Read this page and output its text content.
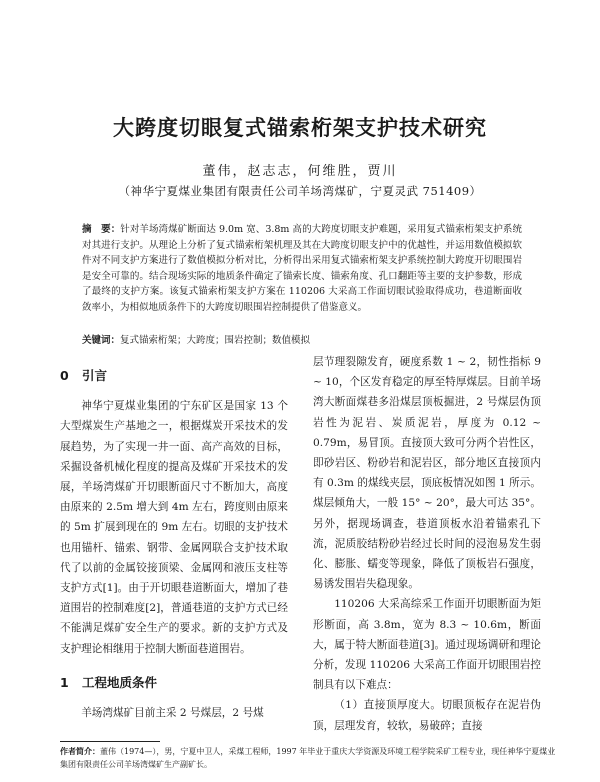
大跨度切眼复式锚索桁架支护技术研究
董伟，赵志志，何维胜，贾川
（神华宁夏煤业集团有限责任公司羊场湾煤矿，宁夏灵武 751409）
摘　要：针对羊场湾煤矿断面达 9.0m 宽、3.8m 高的大跨度切眼支护难题，采用复式锚索桁架支护系统对其进行支护。从理论上分析了复式锚索桁架机理及其在大跨度切眼支护中的优越性，并运用数值模拟软件对不同支护方案进行了数值模拟分析对比，分析得出采用复式锚索桁架支护系统控制大跨度开切眼围岩是安全可靠的。结合现场实际的地质条件确定了锚索长度、锚索角度、孔口翻距等主要的支护参数，形成了最终的支护方案。该复式锚索桁架支护方案在 110206 大采高工作面切眼试验取得成功，巷道断面收敛率小，为相似地质条件下的大跨度切眼围岩控制提供了借鉴意义。
关键词：复式锚索桁架；大跨度；围岩控制；数值模拟
0 引言

神华宁夏煤业集团的宁东矿区是国家 13 个大型煤炭生产基地之一，根据煤炭开采技术的发展趋势，为了实现一井一面、高产高效的目标，采掘设备机械化程度的提高及煤矿开采技术的发展，羊场湾煤矿开切眼断面尺寸不断加大，高度由原来的 2.5m 增大到 4m 左右，跨度则由原来的 5m 扩展到现在的 9m 左右。切眼的支护技术也用锚杆、锚索、钢带、金属网联合支护技术取代了以前的金属铰接顶梁、金属网和液压支柱等支护方式[1]。由于开切眼巷道断面大，增加了巷道围岩的控制难度[2]，普通巷道的支护方式已经不能满足煤矿安全生产的要求。新的支护方式及支护理论相继用于控制大断面巷道围岩。

1 工程地质条件

羊场湾煤矿目前主采 2 号煤层，2 号煤

层节理裂隙发育，硬度系数 1 ~ 2，韧性指标 9 ~ 10，个区发育稳定的厚至特厚煤层。目前羊场湾大断面煤巷多沿煤层顶板掘进，2 号煤层伪顶岩性为泥岩、炭质泥岩，厚度为 0.12 ~ 0.79m，易冒顶。直接顶大致可分两个岩性区，即砂岩区、粉砂岩和泥岩区，部分地区直接顶内有 0.3m 的煤线夹层，顶底板情况如图 1 所示。煤层倾角大，一般 15° ~ 20°，最大可达 35°。另外，据现场调查，巷道顶板水沿着锚索孔下流，泥质胶结粉砂岩经过长时间的浸泡易发生弱化、膨胀、蠕变等现象，降低了顶板岩石强度，易诱发围岩失稳现象。

110206 大采高综采工作面开切眼断面为矩形断面，高 3.8m，宽为 8.3 ~ 10.6m，断面大，属于特大断面巷道[3]。通过现场调研和理论分析，发现 110206 大采高工作面开切眼围岩控制具有以下难点：

（1）直接顶厚度大。切眼顶板存在泥岩伪顶，层理发育，较软，易破碎；直接

作者简介：董伟（1974—），男，宁夏中卫人，采煤工程师，1997 年毕业于重庆大学资源及环境工程学院采矿工程专业，现任神华宁夏煤业集团有限责任公司羊场湾煤矿生产副矿长。
